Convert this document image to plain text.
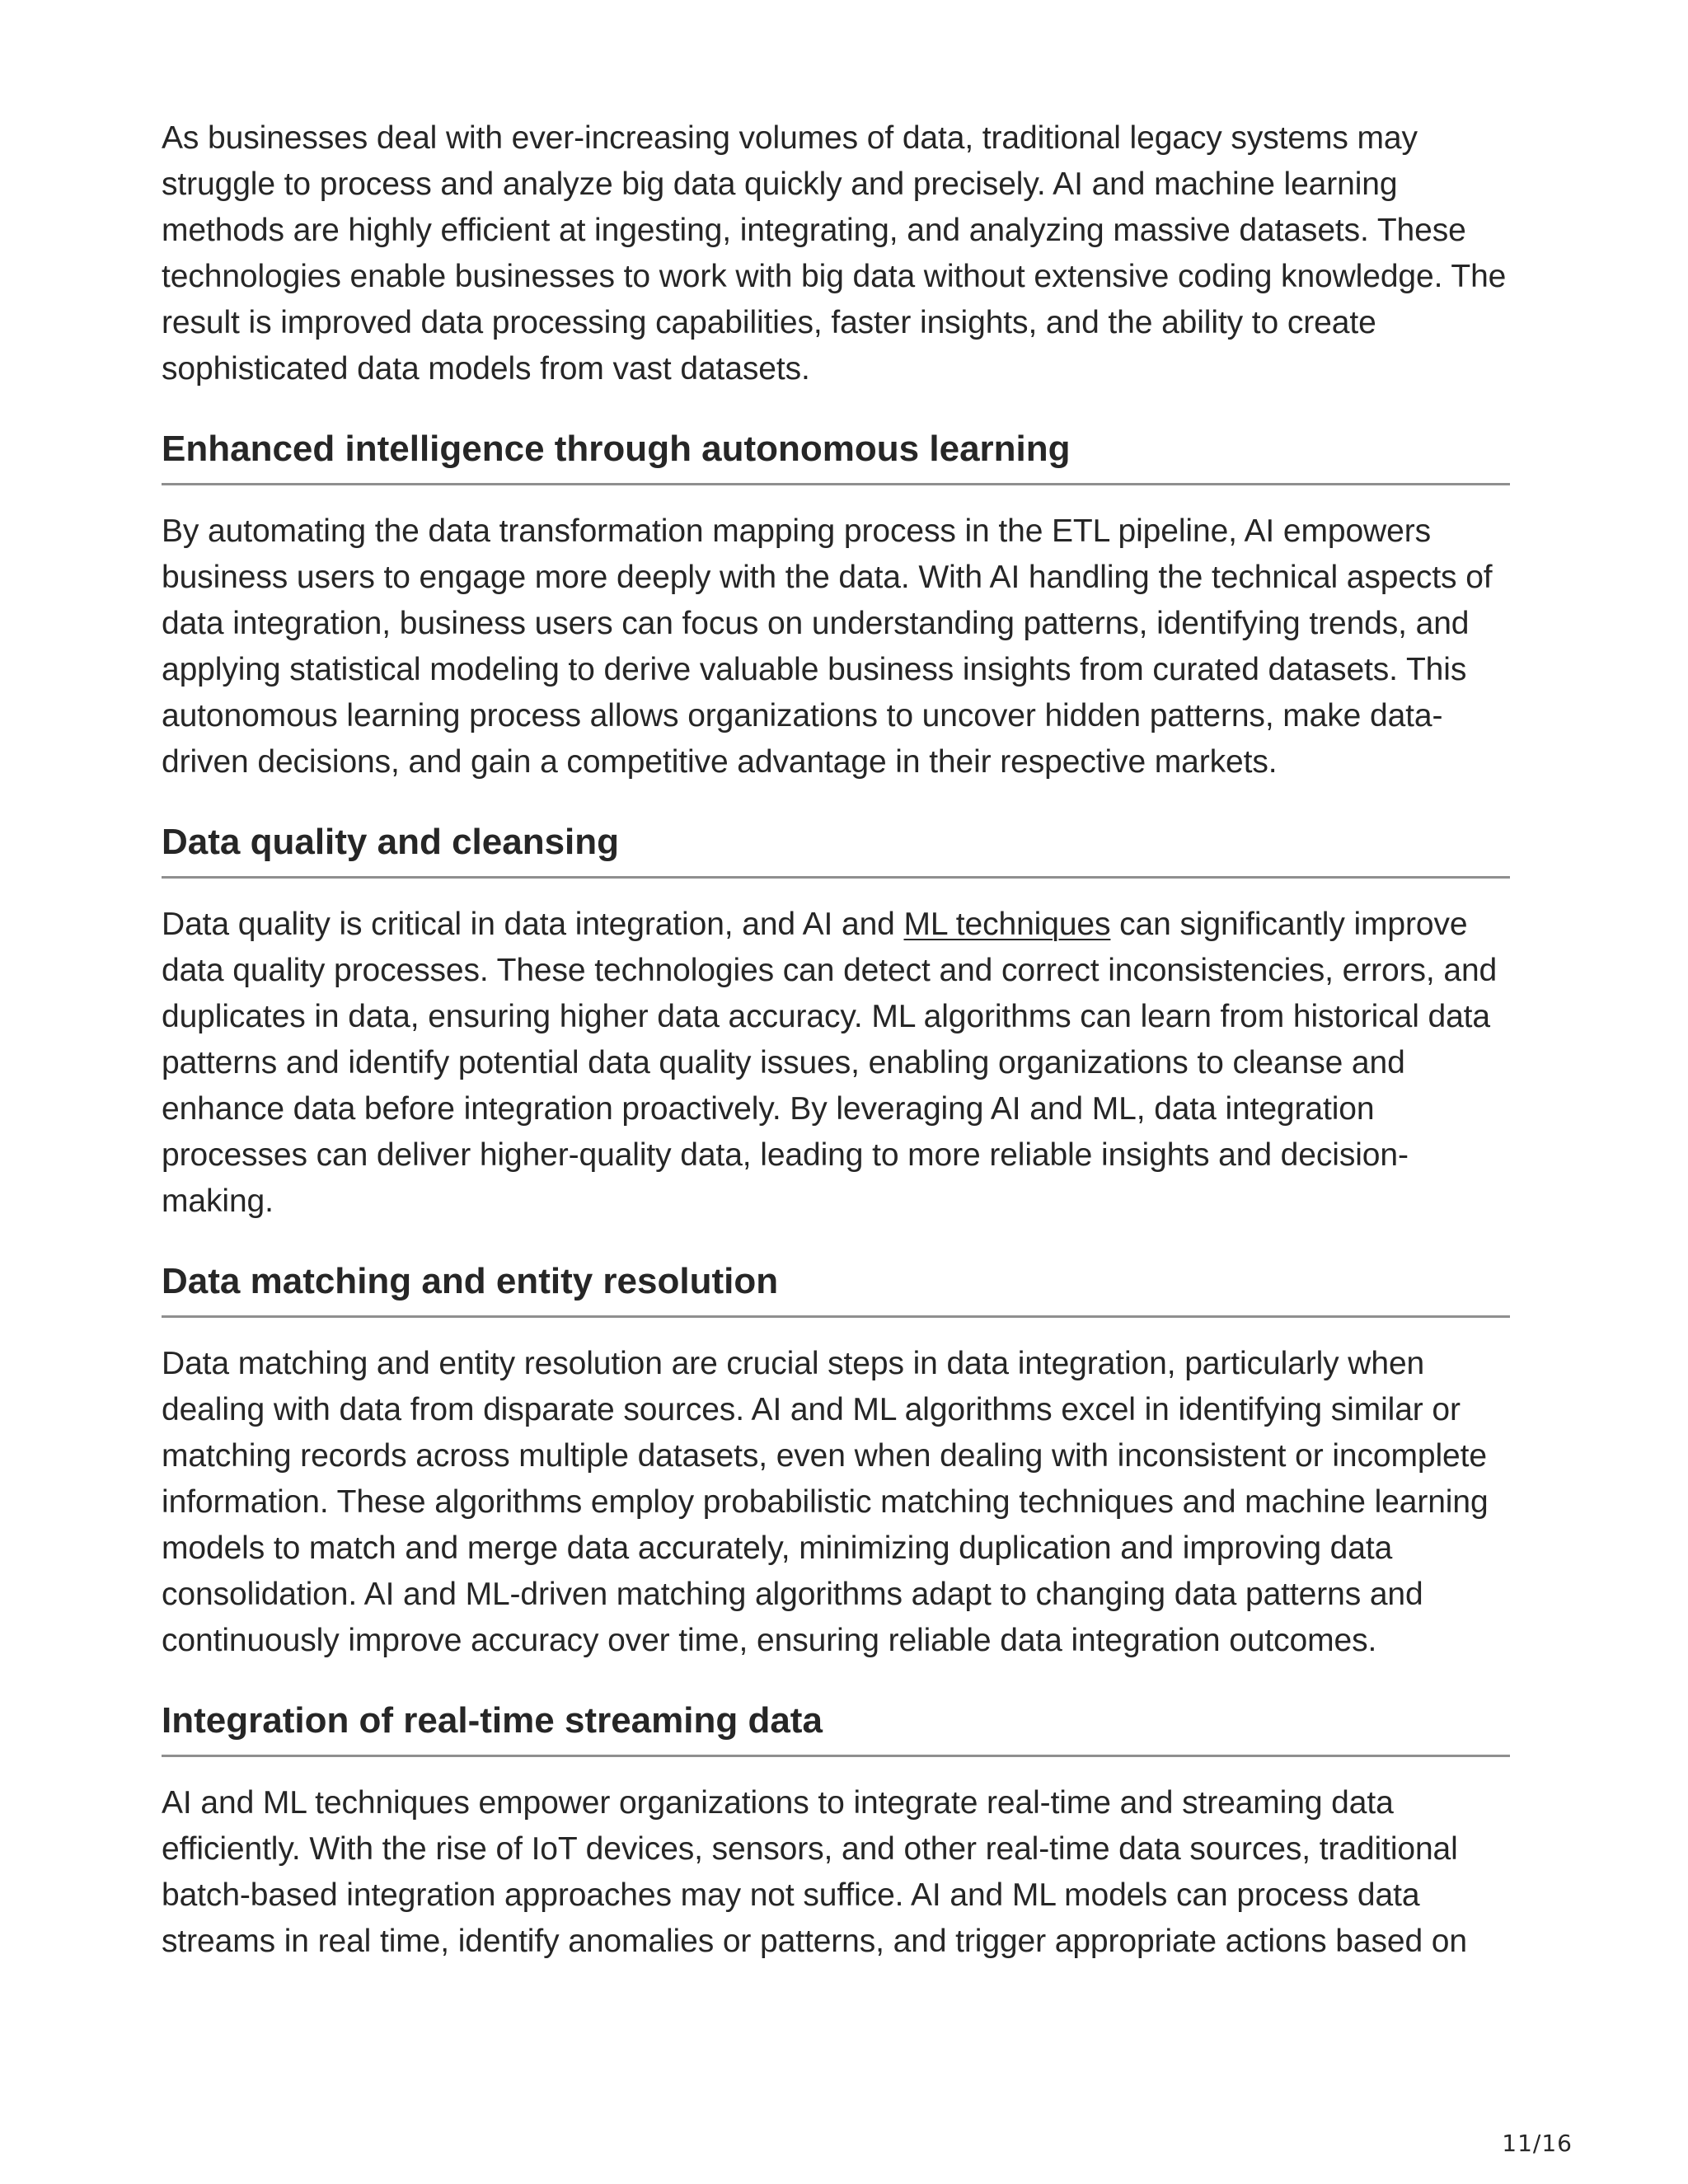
As businesses deal with ever-increasing volumes of data, traditional legacy systems may struggle to process and analyze big data quickly and precisely. AI and machine learning methods are highly efficient at ingesting, integrating, and analyzing massive datasets. These technologies enable businesses to work with big data without extensive coding knowledge. The result is improved data processing capabilities, faster insights, and the ability to create sophisticated data models from vast datasets.

Enhanced intelligence through autonomous learning

By automating the data transformation mapping process in the ETL pipeline, AI empowers business users to engage more deeply with the data. With AI handling the technical aspects of data integration, business users can focus on understanding patterns, identifying trends, and applying statistical modeling to derive valuable business insights from curated datasets. This autonomous learning process allows organizations to uncover hidden patterns, make data-driven decisions, and gain a competitive advantage in their respective markets.

Data quality and cleansing

Data quality is critical in data integration, and AI and ML techniques can significantly improve data quality processes. These technologies can detect and correct inconsistencies, errors, and duplicates in data, ensuring higher data accuracy. ML algorithms can learn from historical data patterns and identify potential data quality issues, enabling organizations to cleanse and enhance data before integration proactively. By leveraging AI and ML, data integration processes can deliver higher-quality data, leading to more reliable insights and decision-making.

Data matching and entity resolution

Data matching and entity resolution are crucial steps in data integration, particularly when dealing with data from disparate sources. AI and ML algorithms excel in identifying similar or matching records across multiple datasets, even when dealing with inconsistent or incomplete information. These algorithms employ probabilistic matching techniques and machine learning models to match and merge data accurately, minimizing duplication and improving data consolidation. AI and ML-driven matching algorithms adapt to changing data patterns and continuously improve accuracy over time, ensuring reliable data integration outcomes.

Integration of real-time streaming data

AI and ML techniques empower organizations to integrate real-time and streaming data efficiently. With the rise of IoT devices, sensors, and other real-time data sources, traditional batch-based integration approaches may not suffice. AI and ML models can process data streams in real time, identify anomalies or patterns, and trigger appropriate actions based on

11/16
